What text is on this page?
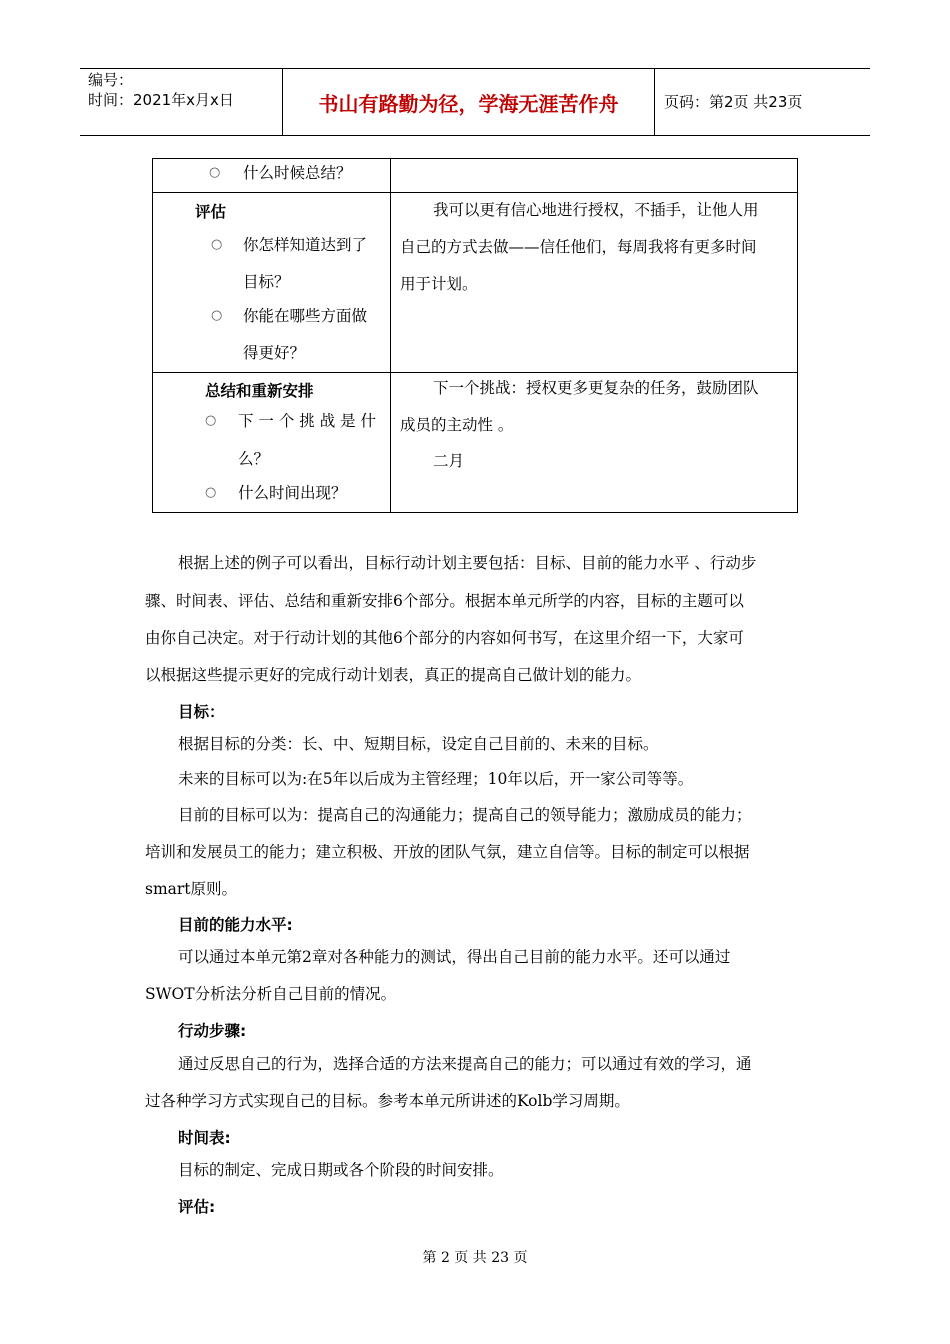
编号：
时间：2021年x月x日	书山有路勤为径，学海无涯苦作舟	页码：第2页 共23页
○ 什么时候总结？
评估
○ 你怎样知道达到了
目标？
○ 你能在哪些方面做
得更好？
我可以更有信心地进行授权，不插手，让他人用
自己的方式去做——信任他们，每周我将有更多时间
用于计划。
总结和重新安排
○ 下 一 个 挑 战 是 什
么？
○ 什么时间出现？
下一个挑战：授权更多更复杂的任务，鼓励团队
成员的主动性 。
二月
根据上述的例子可以看出，目标行动计划主要包括：目标、目前的能力水平 、行动步
骤、时间表、评估、总结和重新安排6个部分。根据本单元所学的内容，目标的主题可以
由你自己决定。对于行动计划的其他6个部分的内容如何书写，在这里介绍一下，大家可
以根据这些提示更好的完成行动计划表，真正的提高自己做计划的能力。
目标：
根据目标的分类：长、中、短期目标，设定自己目前的、未来的目标。
未来的目标可以为:在5年以后成为主管经理；10年以后，开一家公司等等。
目前的目标可以为：提高自己的沟通能力；提高自己的领导能力；激励成员的能力；
培训和发展员工的能力；建立积极、开放的团队气氛，建立自信等。目标的制定可以根据
smart原则。
目前的能力水平:
可以通过本单元第2章对各种能力的测试，得出自己目前的能力水平。还可以通过
SWOT分析法分析自己目前的情况。
行动步骤:
通过反思自己的行为，选择合适的方法来提高自己的能力；可以通过有效的学习，通
过各种学习方式实现自己的目标。参考本单元所讲述的Kolb学习周期。
时间表:
目标的制定、完成日期或各个阶段的时间安排。
评估:
第 2 页 共 23 页
